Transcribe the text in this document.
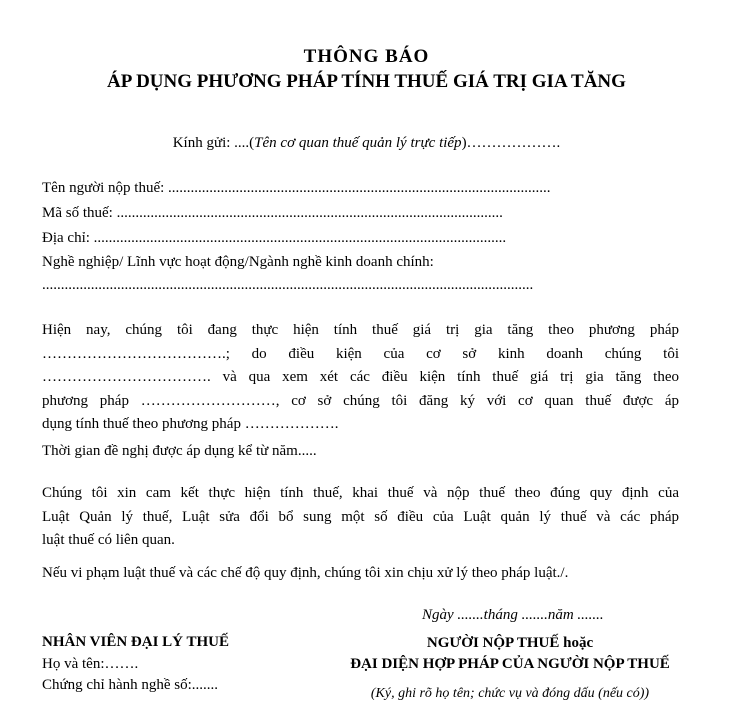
THÔNG BÁO
ÁP DỤNG PHƯƠNG PHÁP TÍNH THUẾ GIÁ TRỊ GIA TĂNG
Kính gửi: ....(Tên cơ quan thuế quản lý trực tiếp)……………….
Tên người nộp thuế: ......................................................................................................
Mã số thuế: .......................................................................................................
Địa chỉ: ..............................................................................................................
Nghề nghiệp/ Lĩnh vực hoạt động/Ngành nghề kinh doanh chính:
...................................................................................................................................
Hiện nay, chúng tôi đang thực hiện tính thuế giá trị gia tăng theo phương pháp
……………………………….; do điều kiện của cơ sở kinh doanh chúng tôi
……………………………. và qua xem xét các điều kiện tính thuế giá trị gia tăng theo
phương pháp ………………………, cơ sở chúng tôi đăng ký với cơ quan thuế được áp
dụng tính thuế theo phương pháp ……………….
Thời gian đề nghị được áp dụng kể từ năm.....
Chúng tôi xin cam kết thực hiện tính thuế, khai thuế và nộp thuế theo đúng quy định của
Luật Quản lý thuế, Luật sửa đổi bổ sung một số điều của Luật quản lý thuế và các pháp
luật thuế có liên quan.
Nếu vi phạm luật thuế và các chế độ quy định, chúng tôi xin chịu xử lý theo pháp luật./.
Ngày .......tháng .......năm .......
NHÂN VIÊN ĐẠI LÝ THUẾ
Họ và tên:…….
Chứng chỉ hành nghề số:.......
NGƯỜI NỘP THUẾ hoặc
ĐẠI DIỆN HỢP PHÁP CỦA NGƯỜI NỘP THUẾ
(Ký, ghi rõ họ tên; chức vụ và đóng dấu (nếu có))
